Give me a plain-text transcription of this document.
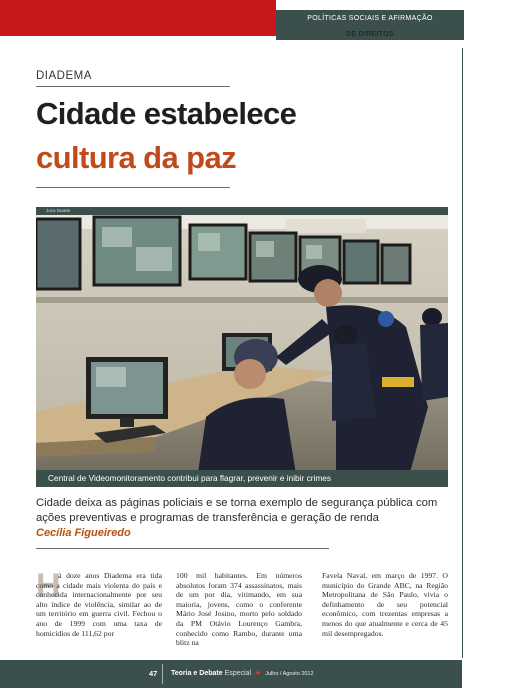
POLÍTICAS SOCIAIS E AFIRMAÇÃO
DE DIREITOS
DIADEMA
Cidade estabelece
cultura da paz
Joca Duarte
Central de Videomonitoramento contribui para flagrar, prevenir e inibir crimes
Cidade deixa as páginas policiais e se torna exemplo de segurança pública com ações preventivas e programas de transferência e geração de renda
Cecília Figueiredo
H
á doze anos Diadema era tida como a cidade mais violenta do país e conhecida internacionalmente por seu alto índice de violência, similar ao de um território em guerra civil. Fechou o ano de 1999 com uma taxa de homicídios de 111,62 por
100 mil habitantes. Em números absolutos foram 374 assassinatos, mais de um por dia, vitimando, em sua maioria, jovens, como o conferente Mário José Josino, morto pelo soldado da PM Otávio Lourenço Gambra, conhecido como Rambo, durante uma blitz na
Favela Naval, em março de 1997. O município do Grande ABC, na Região Metropolitana de São Paulo, vivia o definhamento de seu potencial econômico, com trezentas empresas a menos do que atualmente e cerca de 45 mil desempregados.
47 Teoria e Debate Especial ★ Julho / Agosto 2012
